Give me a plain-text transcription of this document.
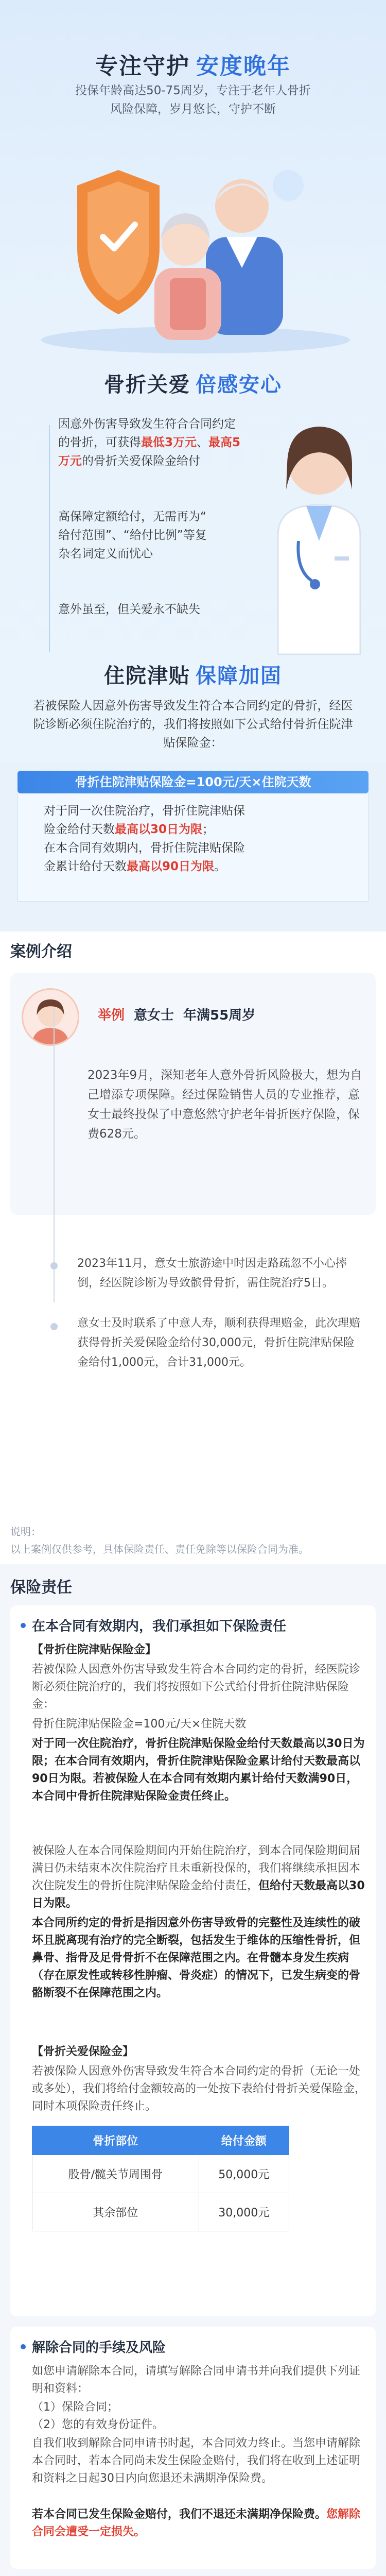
专注守护 安度晚年
投保年龄高达50-75周岁，专注于老年人骨折
风险保障，岁月悠长，守护不断
骨折关爱 倍感安心
因意外伤害导致发生符合合同约定
的骨折，可获得最低3万元、最高5
万元的骨折关爱保险金给付
高保障定额给付，无需再为“
给付范围”、“给付比例”等复
杂名词定义而忧心
意外虽至，但关爱永不缺失
住院津贴 保障加固
若被保险人因意外伤害导致发生符合本合同约定的骨折，经医院诊断必须住院治疗的，我们将按照如下公式给付骨折住院津贴保险金：
骨折住院津贴保险金=100元/天×住院天数
对于同一次住院治疗，骨折住院津贴保
险金给付天数最高以30日为限；
在本合同有效期内，骨折住院津贴保险
金累计给付天数最高以90日为限。
案例介绍
举例 意女士 年满55周岁
2023年9月，深知老年人意外骨折风险极大，想为自己增添专项保障。经过保险销售人员的专业推荐，意女士最终投保了中意悠然守护老年骨折医疗保险，保费628元。
2023年11月，意女士旅游途中时因走路疏忽不小心摔倒，经医院诊断为导致髌骨骨折，需住院治疗5日。
意女士及时联系了中意人寿，顺利获得理赔金，此次理赔获得骨折关爱保险金给付30,000元，骨折住院津贴保险金给付1,000元，合计31,000元。
说明：
以上案例仅供参考，具体保险责任、责任免除等以保险合同为准。
保险责任
在本合同有效期内，我们承担如下保险责任
【骨折住院津贴保险金】
若被保险人因意外伤害导致发生符合本合同约定的骨折，经医院诊断必须住院治疗的，我们将按照如下公式给付骨折住院津贴保险金：
骨折住院津贴保险金=100元/天×住院天数
对于同一次住院治疗，骨折住院津贴保险金给付天数最高以30日为限；在本合同有效期内，骨折住院津贴保险金累计给付天数最高以90日为限。若被保险人在本合同有效期内累计给付天数满90日，本合同中骨折住院津贴保险金责任终止。
被保险人在本合同保险期间内开始住院治疗，到本合同保险期间届满日仍未结束本次住院治疗且未重新投保的，我们将继续承担因本次住院发生的骨折住院津贴保险金给付责任，但给付天数最高以30日为限。
本合同所约定的骨折是指因意外伤害导致骨的完整性及连续性的破坏且脱离现有治疗的完全断裂，包括发生于维体的压缩性骨折，但鼻骨、指骨及足骨骨折不在保障范围之内。在骨髓本身发生疾病（存在原发性或转移性肿瘤、骨炎症）的情况下，已发生病变的骨骼断裂不在保障范围之内。
【骨折关爱保险金】
若被保险人因意外伤害导致发生符合本合同约定的骨折（无论一处或多处），我们将给付金额较高的一处按下表给付骨折关爱保险金，同时本项保险责任终止。
骨折部位	给付金额
股骨/髋关节周围骨	50,000元
其余部位	30,000元
解除合同的手续及风险
如您申请解除本合同，请填写解除合同申请书并向我们提供下列证明和资料：
（1）保险合同；
（2）您的有效身份证件。
自我们收到解除合同申请书时起，本合同效力终止。当您申请解除本合同时，若本合同尚未发生保险金赔付，我们将在收到上述证明和资料之日起30日内向您退还未满期净保险费。
若本合同已发生保险金赔付，我们不退还未满期净保险费。您解除合同会遭受一定损失。
